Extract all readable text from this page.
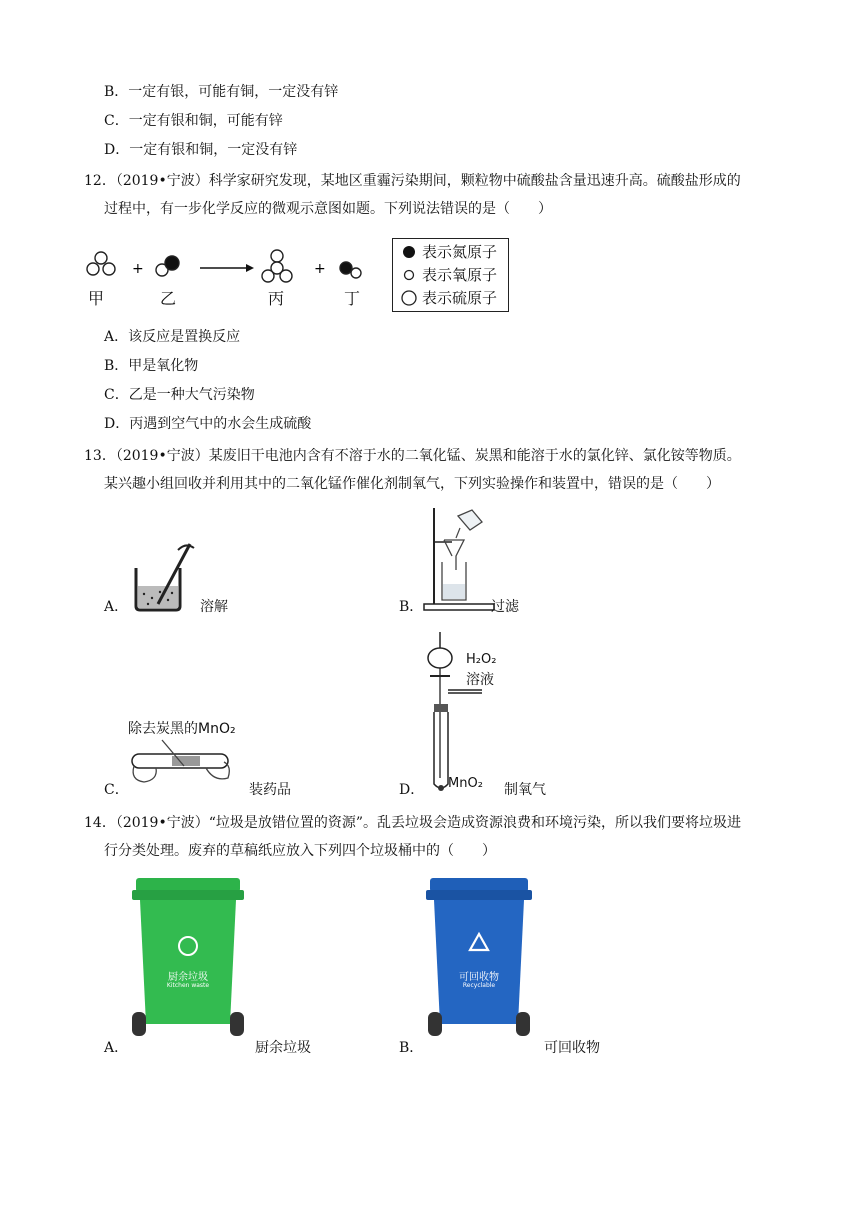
B．一定有银，可能有铜，一定没有锌
C．一定有银和铜，可能有锌
D．一定有银和铜，一定没有锌
12．（2019•宁波）科学家研究发现，某地区重霾污染期间，颗粒物中硫酸盐含量迅速升高。硫酸盐形成的
过程中，有一步化学反应的微观示意图如题。下列说法错误的是（　　）
+	+
甲	乙	丙	丁
表示氮原子
表示氧原子
表示硫原子
A．该反应是置换反应
B．甲是氧化物
C．乙是一种大气污染物
D．丙遇到空气中的水会生成硫酸
13．（2019•宁波）某废旧干电池内含有不溶于水的二氧化锰、炭黑和能溶于水的氯化锌、氯化铵等物质。
某兴趣小组回收并利用其中的二氧化锰作催化剂制氧气，下列实验操作和装置中，错误的是（　　）
A．	溶解	B．	过滤
C．
除去炭黑的MnO₂
装药品	D．
H₂O₂
溶液
MnO₂ 制氧气
14．（2019•宁波）“垃圾是放错位置的资源”。乱丢垃圾会造成资源浪费和环境污染，所以我们要将垃圾进
行分类处理。废弃的草稿纸应放入下列四个垃圾桶中的（　　）
A．
厨余垃圾
Kitchen waste
厨余垃圾	B．
可回收物
Recyclable
可回收物
